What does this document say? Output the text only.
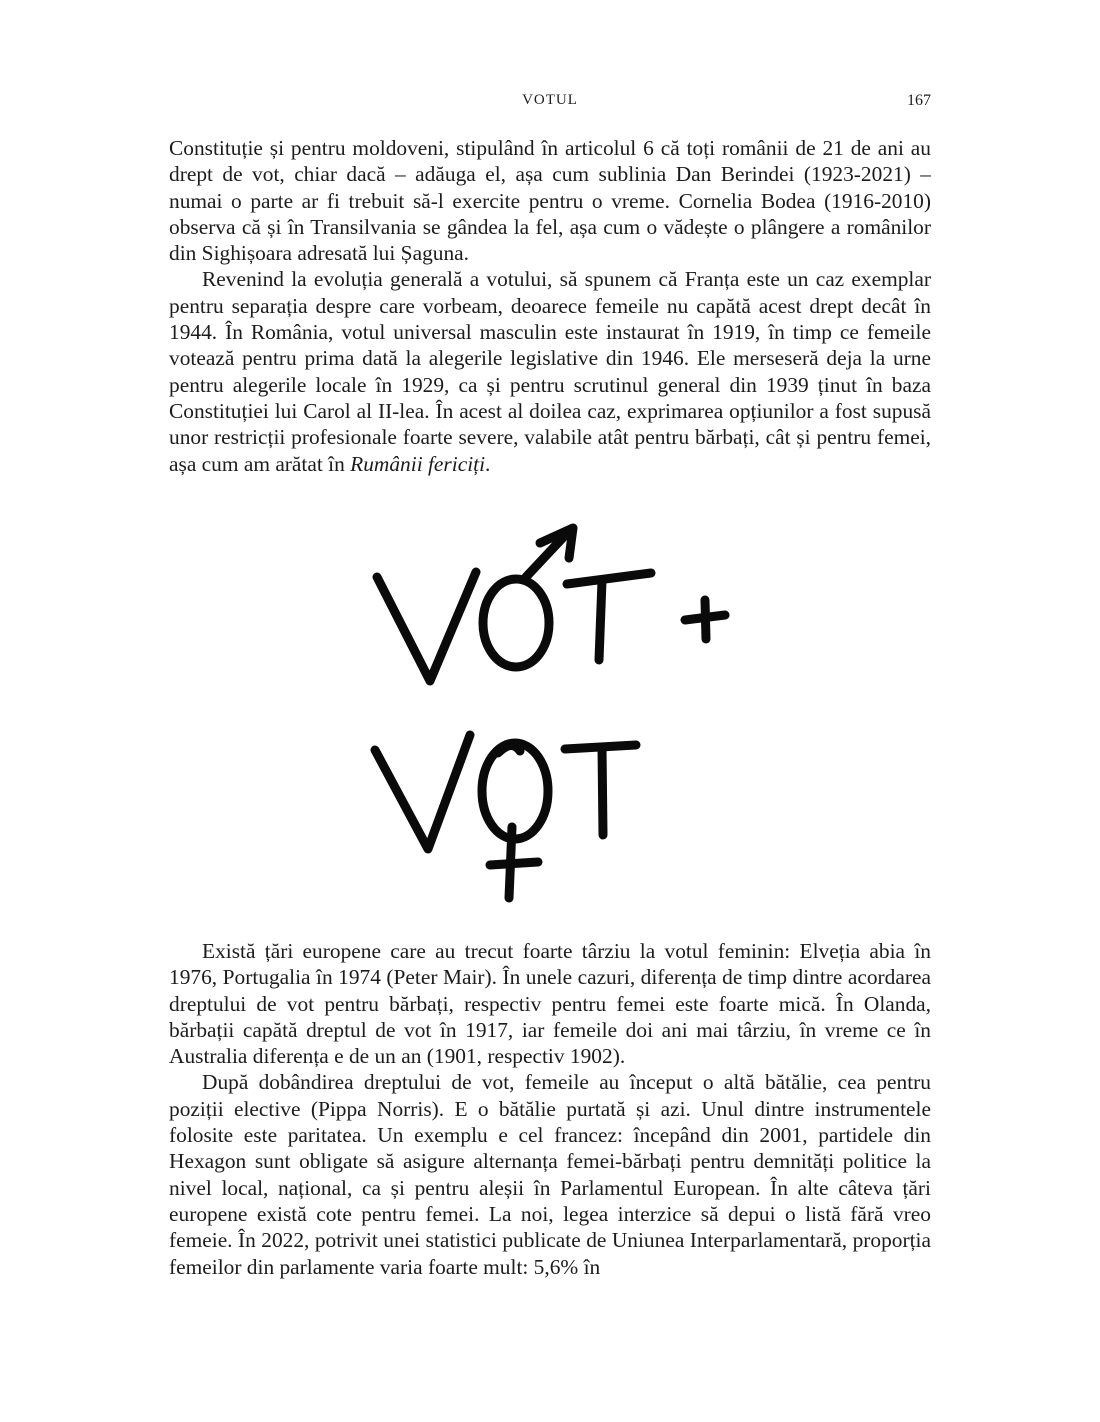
VOTUL	167

Constituție și pentru moldoveni, stipulând în articolul 6 că toți românii de 21 de ani au drept de vot, chiar dacă – adăuga el, așa cum sublinia Dan Berindei (1923-2021) – numai o parte ar fi trebuit să-l exercite pentru o vreme. Cornelia Bodea (1916-2010) observa că și în Transilvania se gândea la fel, așa cum o vădește o plângere a românilor din Sighișoara adresată lui Șaguna.

Revenind la evoluția generală a votului, să spunem că Franța este un caz exemplar pentru separația despre care vorbeam, deoarece femeile nu capătă acest drept decât în 1944. În România, votul universal masculin este instaurat în 1919, în timp ce femeile votează pentru prima dată la alegerile legislative din 1946. Ele merseseră deja la urne pentru alegerile locale în 1929, ca și pentru scrutinul general din 1939 ținut în baza Constituției lui Carol al II-lea. În acest al doilea caz, exprimarea opțiunilor a fost supusă unor restricții profesionale foarte severe, valabile atât pentru bărbați, cât și pentru femei, așa cum am arătat în Rumânii fericiți.

Există țări europene care au trecut foarte târziu la votul feminin: Elveția abia în 1976, Portugalia în 1974 (Peter Mair). În unele cazuri, diferența de timp dintre acordarea dreptului de vot pentru bărbați, respectiv pentru femei este foarte mică. În Olanda, bărbații capătă dreptul de vot în 1917, iar femeile doi ani mai târziu, în vreme ce în Australia diferența e de un an (1901, respectiv 1902).

După dobândirea dreptului de vot, femeile au început o altă bătălie, cea pentru poziții elective (Pippa Norris). E o bătălie purtată și azi. Unul dintre instrumentele folosite este paritatea. Un exemplu e cel francez: începând din 2001, partidele din Hexagon sunt obligate să asigure alternanța femei-bărbați pentru demnități politice la nivel local, național, ca și pentru aleșii în Parlamentul European. În alte câteva țări europene există cote pentru femei. La noi, legea interzice să depui o listă fără vreo femeie. În 2022, potrivit unei statistici publicate de Uniunea Interparlamentară, proporția femeilor din parlamente varia foarte mult: 5,6% în
